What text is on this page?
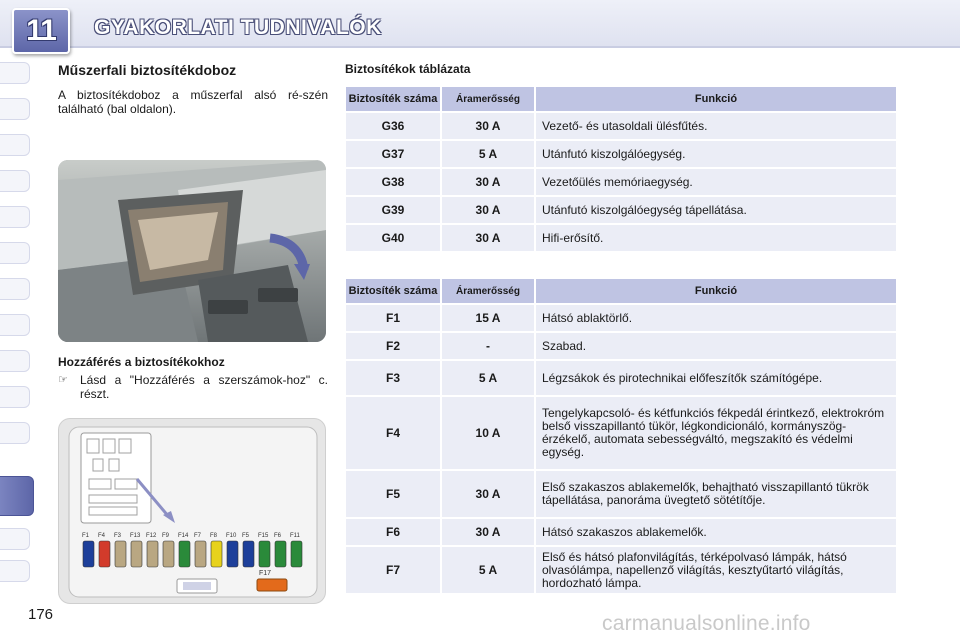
11 GYAKORLATI TUDNIVALÓK
Műszerfali biztosítékdoboz
A biztosítékdoboz a műszerfal alsó ré-szén található (bal oldalon).
Hozzáférés a biztosítékokhoz
☞	Lásd a "Hozzáférés a szerszámok-hoz" c. részt.
F1 F4 F3 F13 F12 F9 F14 F7 F8 F10 F5 F15 F6 F11
F17
Biztosítékok táblázata
Biztosíték száma	Áramerősség	Funkció
G36	30 A	Vezető- és utasoldali ülésfűtés.
G37	5 A	Utánfutó kiszolgálóegység.
G38	30 A	Vezetőülés memóriaegység.
G39	30 A	Utánfutó kiszolgálóegység tápellátása.
G40	30 A	Hifi-erősítő.
Biztosíték száma	Áramerősség	Funkció
F1	15 A	Hátsó ablaktörlő.
F2	-	Szabad.
F3	5 A	Légzsákok és pirotechnikai előfeszítők számítógépe.
F4	10 A	Tengelykapcsoló- és kétfunkciós fékpedál érintkező, elektrokróm belső visszapillantó tükör, légkondicionáló, kormányszög-érzékelő, automata sebességváltó, megszakító és védelmi egység.
F5	30 A	Első szakaszos ablakemelők, behajtható visszapillantó tükrök tápellátása, panoráma üvegtető sötétítője.
F6	30 A	Hátsó szakaszos ablakemelők.
F7	5 A	Első és hátsó plafonvilágítás, térképolvasó lámpák, hátsó olvasólámpa, napellenző világítás, kesztyűtartó világítás, hordozható lámpa.
176	carmanualsonline.info
